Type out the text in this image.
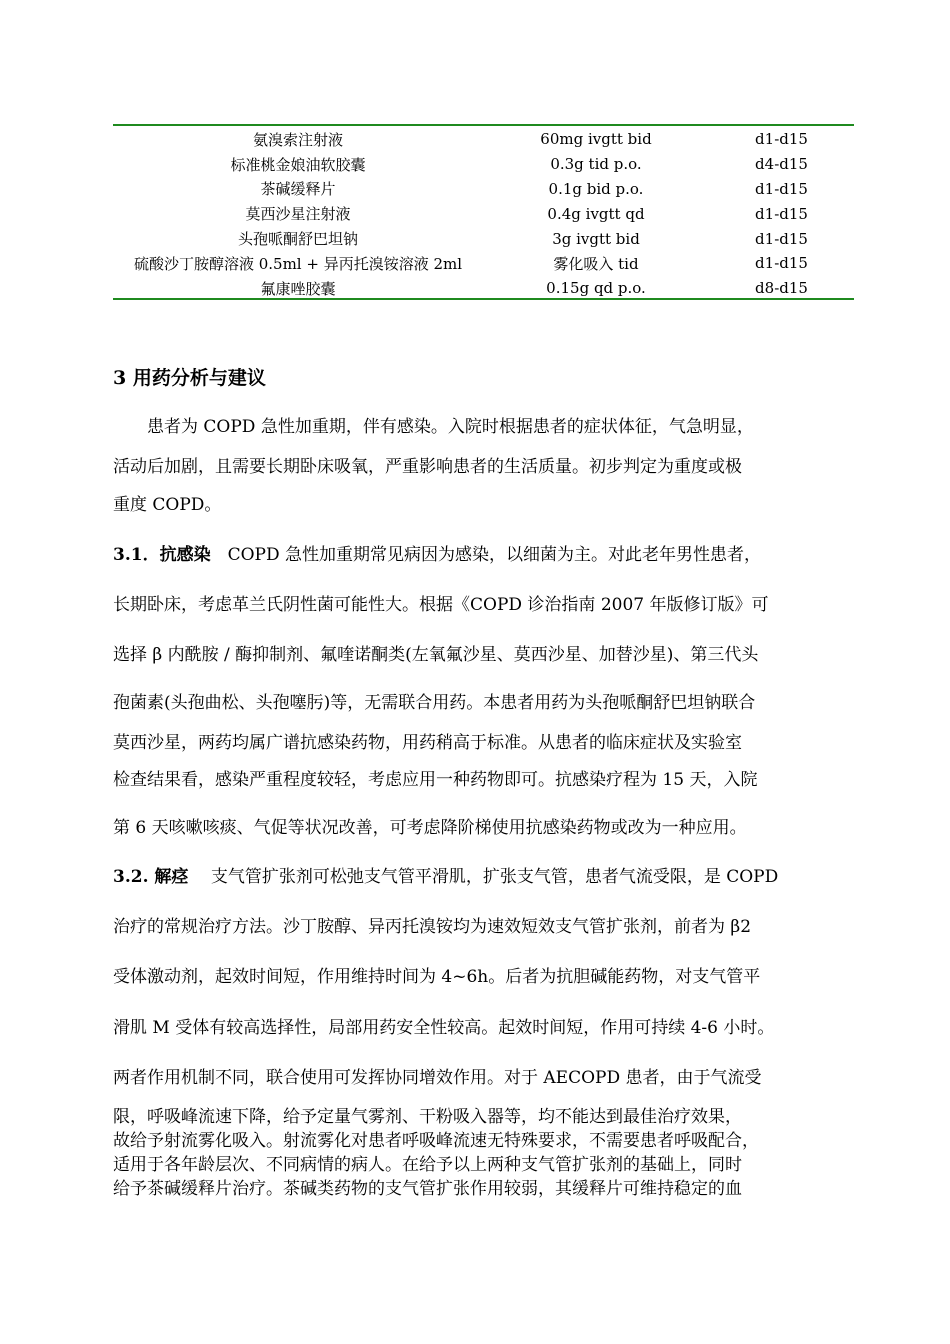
氨溴索注射液	60mg ivgtt bid	d1-d15
标准桃金娘油软胶囊	0.3g tid p.o.	d4-d15
茶碱缓释片	0.1g bid p.o.	d1-d15
莫西沙星注射液	0.4g ivgtt qd	d1-d15
头孢哌酮舒巴坦钠	3g ivgtt bid	d1-d15
硫酸沙丁胺醇溶液 0.5ml + 异丙托溴铵溶液 2ml	雾化吸入 tid	d1-d15
氟康唑胶囊	0.15g qd p.o.	d8-d15
3 用药分析与建议
　　患者为 COPD 急性加重期，伴有感染。入院时根据患者的症状体征，气急明显，
活动后加剧，且需要长期卧床吸氧，严重影响患者的生活质量。初步判定为重度或极
重度 COPD。
3.1．抗感染　COPD 急性加重期常见病因为感染，以细菌为主。对此老年男性患者，
长期卧床，考虑革兰氏阴性菌可能性大。根据《COPD 诊治指南 2007 年版修订版》可
选择 β 内酰胺 / 酶抑制剂、氟喹诺酮类(左氧氟沙星、莫西沙星、加替沙星)、第三代头
孢菌素(头孢曲松、头孢噻肟)等，无需联合用药。本患者用药为头孢哌酮舒巴坦钠联合
莫西沙星，两药均属广谱抗感染药物，用药稍高于标准。从患者的临床症状及实验室
检查结果看，感染严重程度较轻，考虑应用一种药物即可。抗感染疗程为 15 天，入院
第 6 天咳嗽咳痰、气促等状况改善，可考虑降阶梯使用抗感染药物或改为一种应用。
3.2. 解痉　 支气管扩张剂可松弛支气管平滑肌，扩张支气管，患者气流受限，是 COPD
治疗的常规治疗方法。沙丁胺醇、异丙托溴铵均为速效短效支气管扩张剂，前者为 β2
受体激动剂，起效时间短，作用维持时间为 4~6h。后者为抗胆碱能药物，对支气管平
滑肌 M 受体有较高选择性，局部用药安全性较高。起效时间短，作用可持续 4-6 小时。
两者作用机制不同，联合使用可发挥协同增效作用。对于 AECOPD 患者，由于气流受
限，呼吸峰流速下降，给予定量气雾剂、干粉吸入器等，均不能达到最佳治疗效果，
故给予射流雾化吸入。射流雾化对患者呼吸峰流速无特殊要求，不需要患者呼吸配合，
适用于各年龄层次、不同病情的病人。在给予以上两种支气管扩张剂的基础上，同时
给予茶碱缓释片治疗。茶碱类药物的支气管扩张作用较弱，其缓释片可维持稳定的血
